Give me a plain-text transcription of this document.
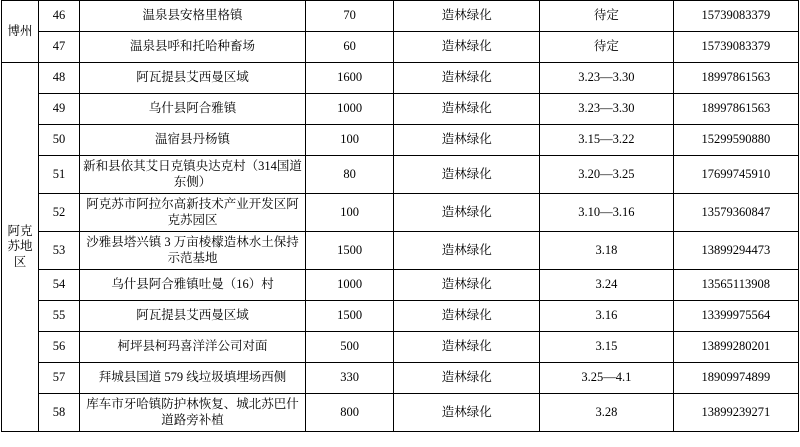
博州	46	温泉县安格里格镇	70	造林绿化	待定	15739083379
	47	温泉县呼和托哈种畜场	60	造林绿化	待定	15739083379
阿克苏地区	48	阿瓦提县艾西曼区域	1600	造林绿化	3.23—3.30	18997861563
	49	乌什县阿合雅镇	1000	造林绿化	3.23—3.30	18997861563
	50	温宿县丹杨镇	100	造林绿化	3.15—3.22	15299590880
	51	新和县依其艾日克镇央达克村（314国道东侧）	80	造林绿化	3.20—3.25	17699745910
	52	阿克苏市阿拉尔高新技术产业开发区阿克苏园区	100	造林绿化	3.10—3.16	13579360847
	53	沙雅县塔兴镇 3 万亩棱檬造林水土保持示范基地	1500	造林绿化	3.18	13899294473
	54	乌什县阿合雅镇吐曼（16）村	1000	造林绿化	3.24	13565113908
	55	阿瓦提县艾西曼区域	1500	造林绿化	3.16	13399975564
	56	柯坪县柯玛喜洋洋公司对面	500	造林绿化	3.15	13899280201
	57	拜城县国道 579 线垃圾填埋场西侧	330	造林绿化	3.25—4.1	18909974899
	58	库车市牙哈镇防护林恢复、城北苏巴什道路旁补植	800	造林绿化	3.28	13899239271
